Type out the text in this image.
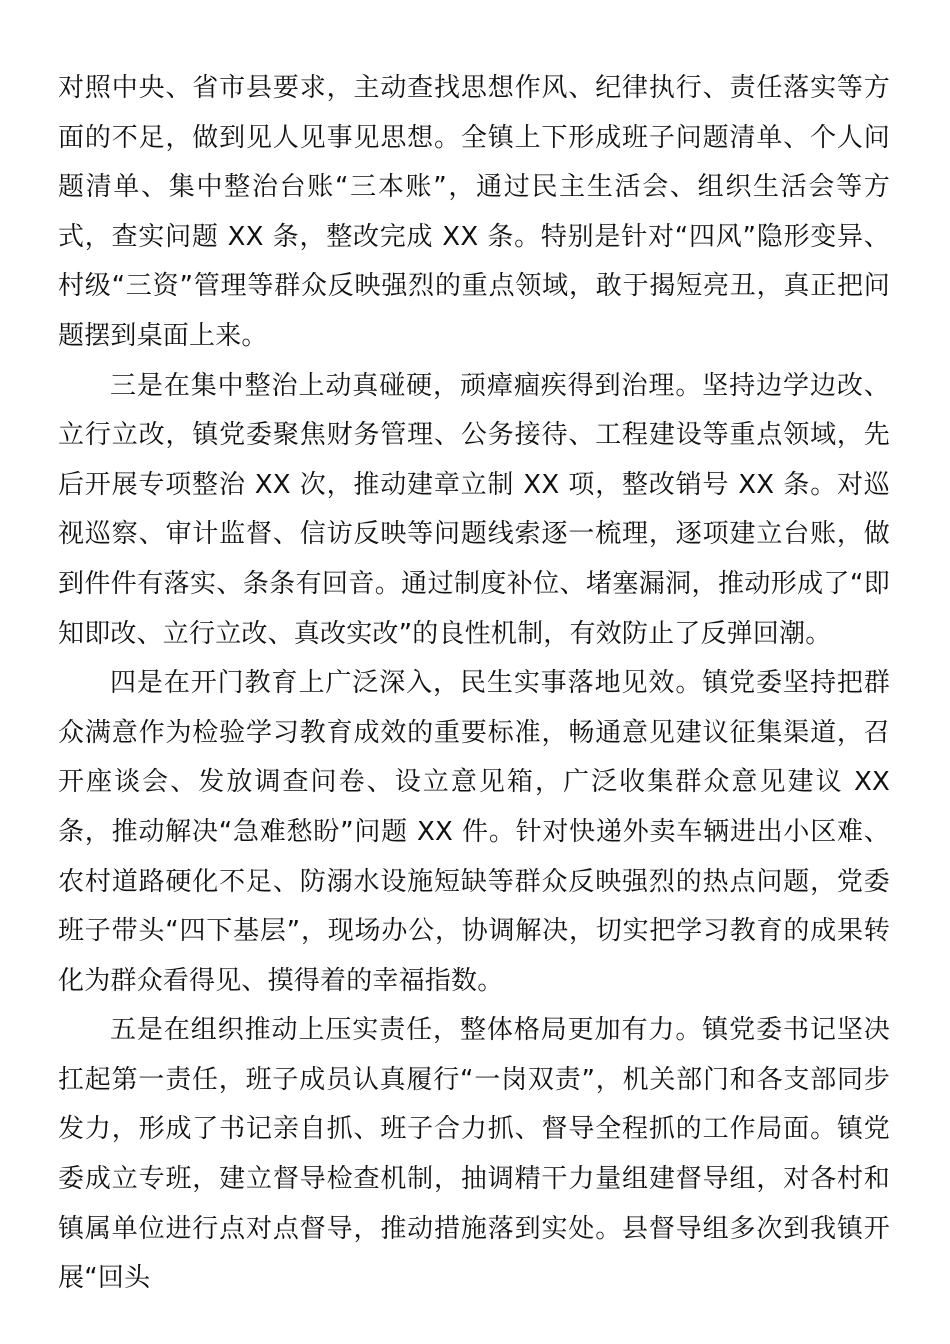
对照中央、省市县要求，主动查找思想作风、纪律执行、责任落实等方面的不足，做到见人见事见思想。全镇上下形成班子问题清单、个人问题清单、集中整治台账“三本账”，通过民主生活会、组织生活会等方式，查实问题 XX 条，整改完成 XX 条。特别是针对“四风”隐形变异、村级“三资”管理等群众反映强烈的重点领域，敢于揭短亮丑，真正把问题摆到桌面上来。

三是在集中整治上动真碰硬，顽瘴痼疾得到治理。坚持边学边改、立行立改，镇党委聚焦财务管理、公务接待、工程建设等重点领域，先后开展专项整治 XX 次，推动建章立制 XX 项，整改销号 XX 条。对巡视巡察、审计监督、信访反映等问题线索逐一梳理，逐项建立台账，做到件件有落实、条条有回音。通过制度补位、堵塞漏洞，推动形成了“即知即改、立行立改、真改实改”的良性机制，有效防止了反弹回潮。

四是在开门教育上广泛深入，民生实事落地见效。镇党委坚持把群众满意作为检验学习教育成效的重要标准，畅通意见建议征集渠道，召开座谈会、发放调查问卷、设立意见箱，广泛收集群众意见建议 XX 条，推动解决“急难愁盼”问题 XX 件。针对快递外卖车辆进出小区难、农村道路硬化不足、防溺水设施短缺等群众反映强烈的热点问题，党委班子带头“四下基层”，现场办公，协调解决，切实把学习教育的成果转化为群众看得见、摸得着的幸福指数。

五是在组织推动上压实责任，整体格局更加有力。镇党委书记坚决扛起第一责任，班子成员认真履行“一岗双责”，机关部门和各支部同步发力，形成了书记亲自抓、班子合力抓、督导全程抓的工作局面。镇党委成立专班，建立督导检查机制，抽调精干力量组建督导组，对各村和镇属单位进行点对点督导，推动措施落到实处。县督导组多次到我镇开展“回头
